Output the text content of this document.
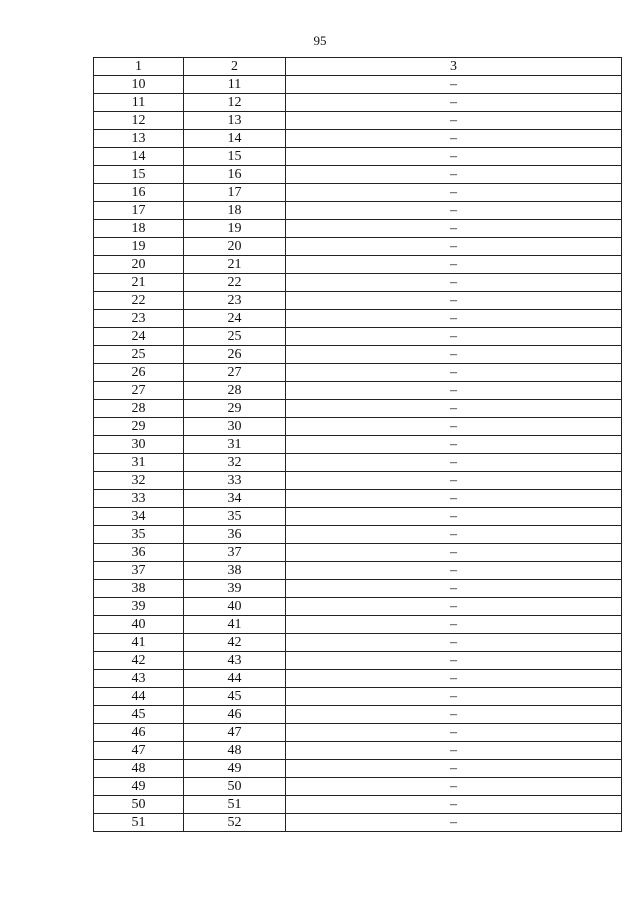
95
1	2	3
10	11	–
11	12	–
12	13	–
13	14	–
14	15	–
15	16	–
16	17	–
17	18	–
18	19	–
19	20	–
20	21	–
21	22	–
22	23	–
23	24	–
24	25	–
25	26	–
26	27	–
27	28	–
28	29	–
29	30	–
30	31	–
31	32	–
32	33	–
33	34	–
34	35	–
35	36	–
36	37	–
37	38	–
38	39	–
39	40	–
40	41	–
41	42	–
42	43	–
43	44	–
44	45	–
45	46	–
46	47	–
47	48	–
48	49	–
49	50	–
50	51	–
51	52	–
